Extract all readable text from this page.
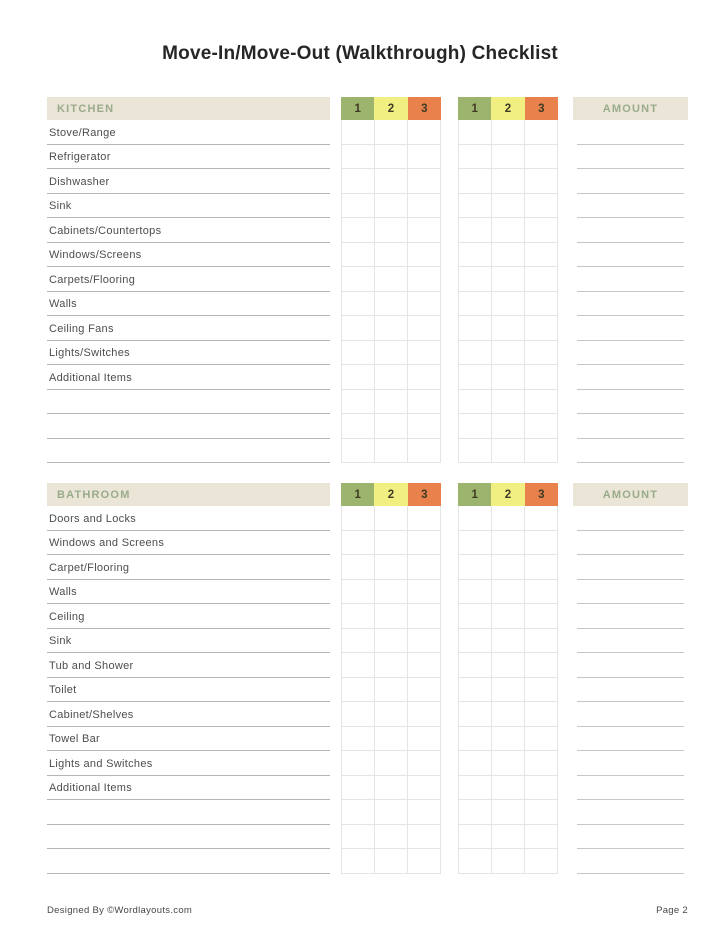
Move-In/Move-Out (Walkthrough) Checklist
KITCHEN	1	2	3	1	2	3	AMOUNT
Stove/Range
Refrigerator
Dishwasher
Sink
Cabinets/Countertops
Windows/Screens
Carpets/Flooring
Walls
Ceiling Fans
Lights/Switches
Additional Items
BATHROOM	1	2	3	1	2	3	AMOUNT
Doors and Locks
Windows and Screens
Carpet/Flooring
Walls
Ceiling
Sink
Tub and Shower
Toilet
Cabinet/Shelves
Towel Bar
Lights and Switches
Additional Items
Designed By ©Wordlayouts.com	Page 2
